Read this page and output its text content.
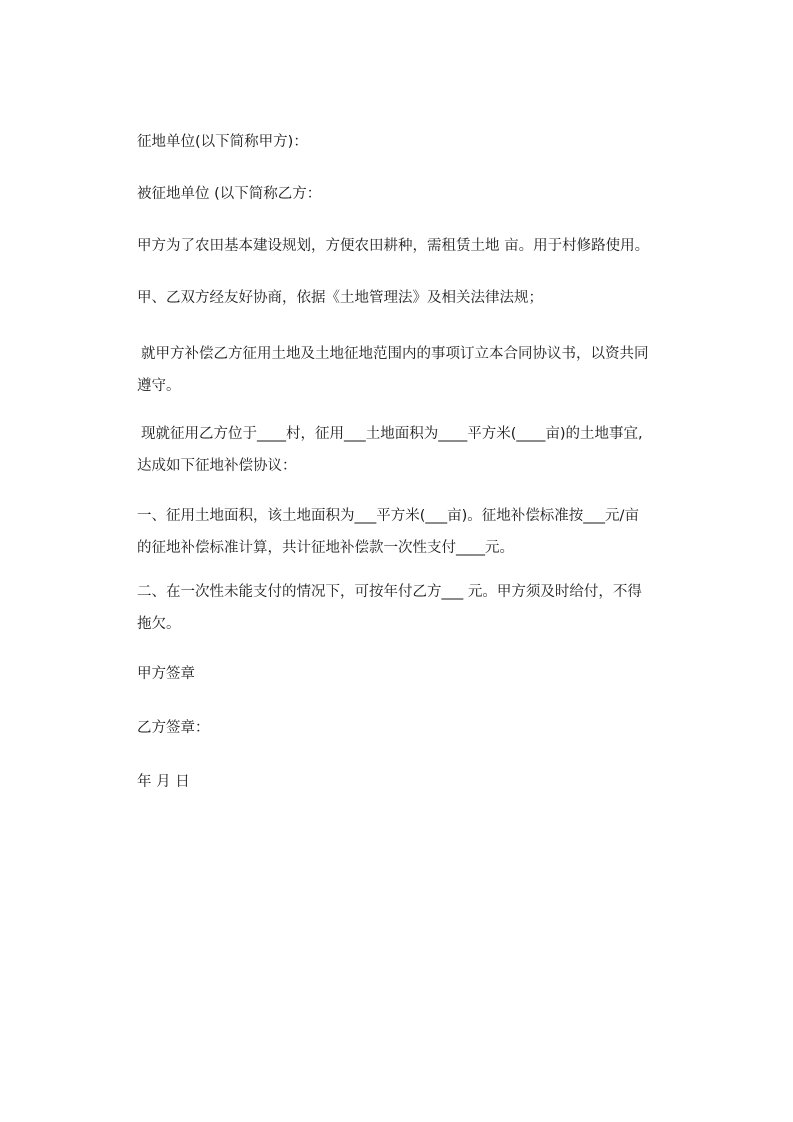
征地单位(以下简称甲方)：
被征地单位 (以下简称乙方：
甲方为了农田基本建设规划，方便农田耕种，需租赁土地 亩。用于村修路使用。
甲、乙双方经友好协商，依据《土地管理法》及相关法律法规；
就甲方补偿乙方征用土地及土地征地范围内的事项订立本合同协议书，以资共同
遵守。
现就征用乙方位于____村，征用___土地面积为____平方米(____亩)的土地事宜,
达成如下征地补偿协议：
一、征用土地面积，该土地面积为___平方米(___亩)。征地补偿标准按___元/亩
的征地补偿标准计算，共计征地补偿款一次性支付____元。
二、在一次性未能支付的情况下，可按年付乙方___ 元。甲方须及时给付，不得
拖欠。
甲方签章
乙方签章：
年 月 日
